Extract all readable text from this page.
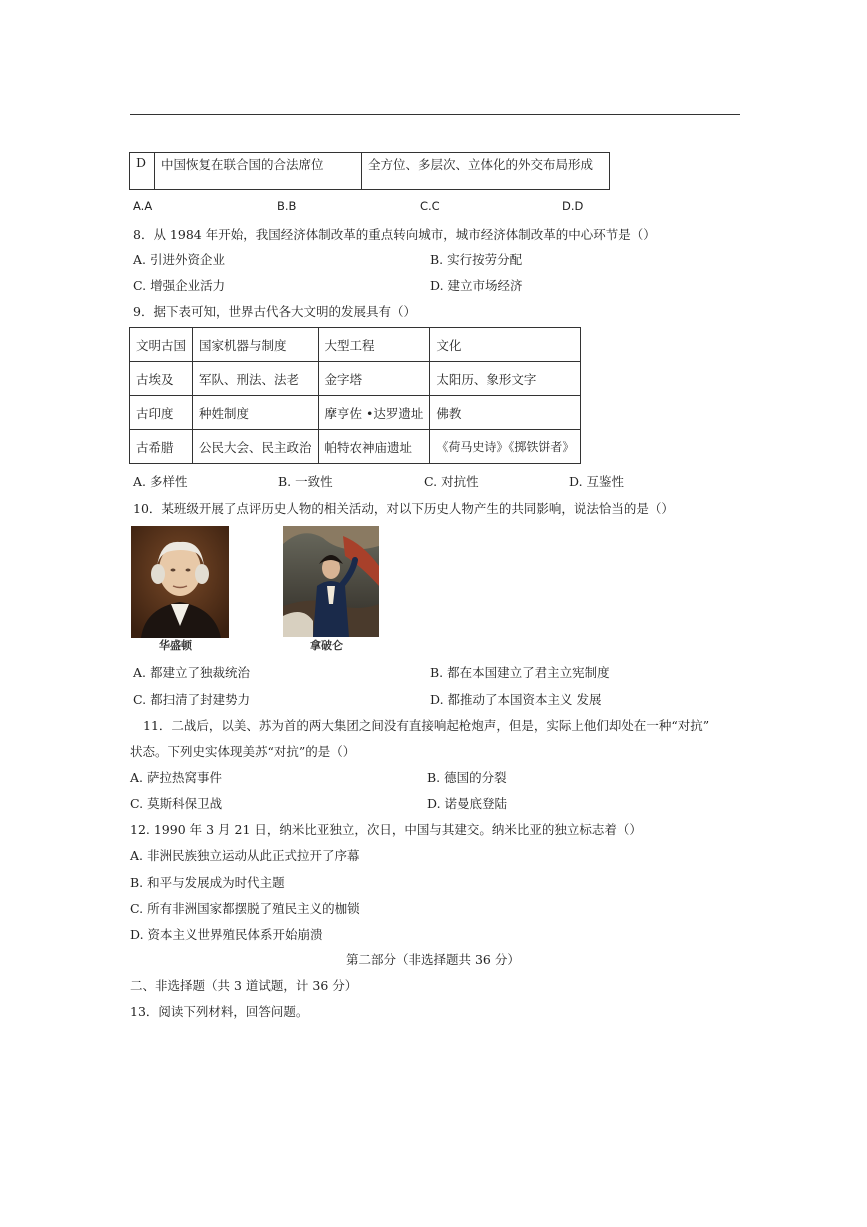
D	中国恢复在联合国的合法席位	全方位、多层次、立体化的外交布局形成
A.A	B.B	C.C	D.D
8．从 1984 年开始，我国经济体制改革的重点转向城市，城市经济体制改革的中心环节是（）
A. 引进外资企业	B. 实行按劳分配
C. 增强企业活力	D. 建立市场经济
9．据下表可知，世界古代各大文明的发展具有（）
文明古国	国家机器与制度	大型工程	文化
古埃及	军队、刑法、法老	金字塔	太阳历、象形文字
古印度	种姓制度	摩亨佐 •达罗遗址	佛教
古希腊	公民大会、民主政治	帕特农神庙遗址	《荷马史诗》《掷铁饼者》
A. 多样性	B. 一致性	C. 对抗性	D. 互鉴性
10．某班级开展了点评历史人物的相关活动，对以下历史人物产生的共同影响，说法恰当的是（）
华盛顿	拿破仑
A. 都建立了独裁统治	B. 都在本国建立了君主立宪制度
C. 都扫清了封建势力	D. 都推动了本国资本主义 发展
11．二战后，以美、苏为首的两大集团之间没有直接响起枪炮声，但是，实际上他们却处在一种“对抗”
状态。下列史实体现美苏“对抗”的是（）
A. 萨拉热窝事件	B. 德国的分裂
C. 莫斯科保卫战	D. 诺曼底登陆
12. 1990 年 3 月 21 日，纳米比亚独立，次日，中国与其建交。纳米比亚的独立标志着（）
A. 非洲民族独立运动从此正式拉开了序幕
B. 和平与发展成为时代主题
C. 所有非洲国家都摆脱了殖民主义的枷锁
D. 资本主义世界殖民体系开始崩溃
第二部分（非选择题共 36 分）
二、非选择题（共 3 道试题，计 36 分）
13．阅读下列材料，回答问题。
